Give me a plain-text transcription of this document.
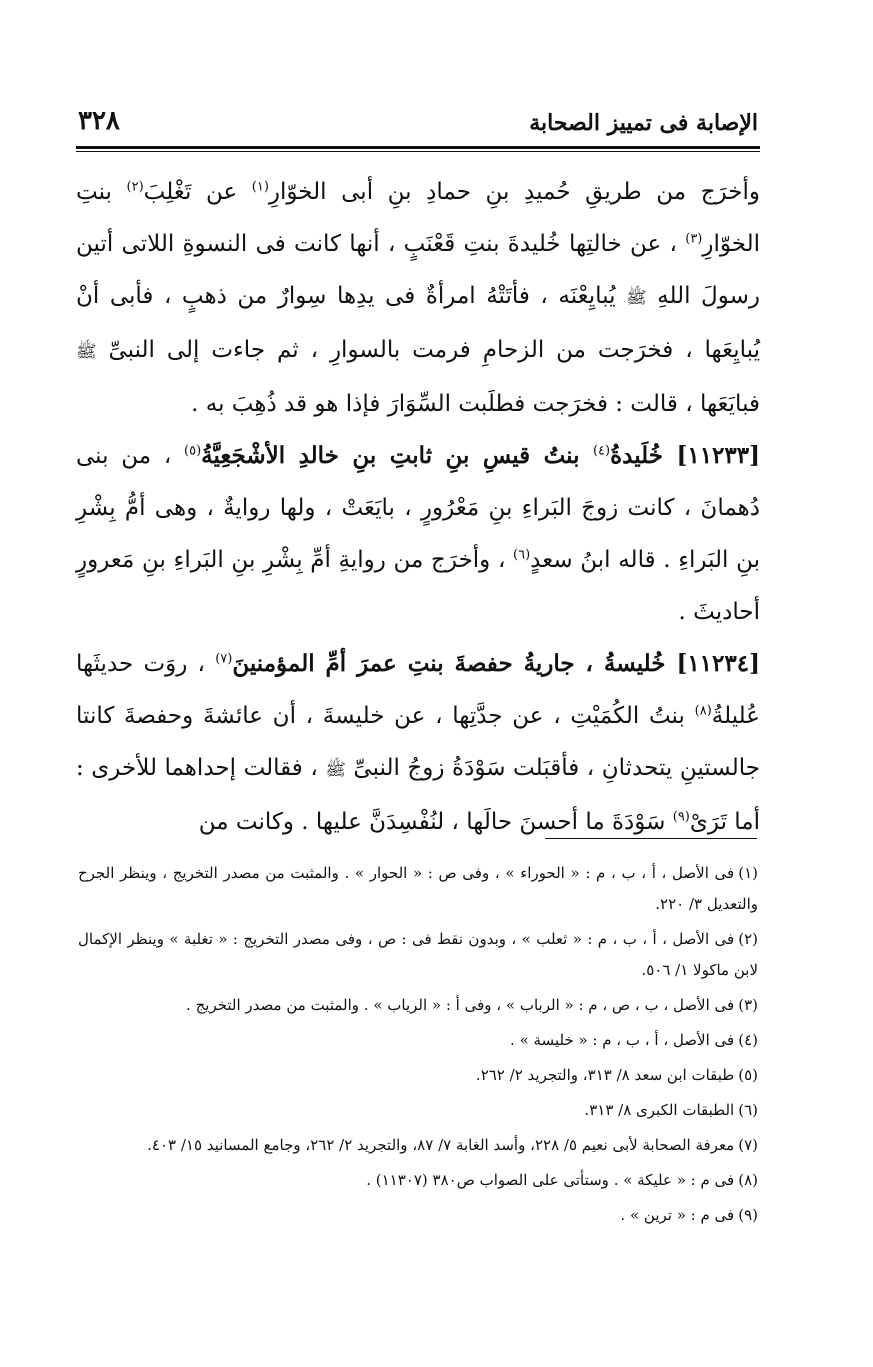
٣٢٨	الإصابة فى تمييز الصحابة

وأخرَج من طريقِ حُميدِ بنِ حمادِ بنِ أبى الخوّارِ$^{(١)}$ عن تَغْلِبَ$^{(٢)}$ بنتِ الخوّارِ$^{(٣)}$ ، عن خالتِها خُليدةَ بنتِ قَعْنَبٍ ، أنها كانت فى النسوةِ اللاتى أتين رسولَ اللهِ ﷺ يُبايِعْنَه ، فأتَتْهُ امرأةٌ فى يدِها سِوارٌ من ذهبٍ ، فأبى أنْ يُبايِعَها ، فخرَجت من الزحامِ فرمت بالسوارِ ، ثم جاءت إلى النبىِّ ﷺ فبايَعَها ، قالت : فخرَجت فطلَبت السِّوَارَ فإذا هو قد ذُهِبَ به .

[١١٢٣٣] خُلَيدةُ$^{(٤)}$ بنتُ قيسِ بنِ ثابتِ بنِ خالدِ الأشْجَعِيَّةُ$^{(٥)}$ ، من بنى دُهمانَ ، كانت زوجَ البَراءِ بنِ مَعْرُورٍ ، بايَعَتْ ، ولها روايةٌ ، وهى أمُّ بِشْرِ بنِ البَراءِ . قاله ابنُ سعدٍ$^{(٦)}$ ، وأخرَج من روايةِ أمِّ بِشْرِ بنِ البَراءِ بنِ مَعرورٍ أحاديثَ .

[١١٢٣٤] خُليسةُ ، جاريةُ حفصةَ بنتِ عمرَ أمِّ المؤمنينَ$^{(٧)}$ ، روَت حديثَها عُليلةُ$^{(٨)}$ بنتُ الكُمَيْتِ ، عن جدَّتِها ، عن خليسةَ ، أن عائشةَ وحفصةَ كانتا جالستينِ يتحدثانِ ، فأقبَلت سَوْدَةُ زوجُ النبىِّ ﷺ ، فقالت إحداهما للأخرى : أما تَرَىْ$^{(٩)}$ سَوْدَةَ ما أحسنَ حالَها ، لنُفْسِدَنَّ عليها . وكانت من

(١)فى الأصل ، أ ، ب ، م : « الحوراء » ، وفى ص : « الحوار » . والمثبت من مصدر التخريج ، وينظر الجرح والتعديل ٣/ ٢٢٠.

(٢)فى الأصل ، أ ، ب ، م : « ثعلب » ، وبدون نقط فى : ص ، وفى مصدر التخريج : « تغلبة » وينظر الإكمال لابن ماكولا ١/ ٥٠٦.

(٣)فى الأصل ، ب ، ص ، م : « الرباب » ، وفى أ : « الرياب » . والمثبت من مصدر التخريج .

(٤)فى الأصل ، أ ، ب ، م : « خليسة » .

(٥)طبقات ابن سعد ٨/ ٣١٣، والتجريد ٢/ ٢٦٢.

(٦)الطبقات الكبرى ٨/ ٣١٣.

(٧)معرفة الصحابة لأبى نعيم ٥/ ٢٢٨، وأسد الغابة ٧/ ٨٧، والتجريد ٢/ ٢٦٢، وجامع المسانيد ١٥/ ٤٠٣.

(٨)فى م : « عليكة » . وستأتى على الصواب ص٣٨٠ (١١٣٠٧) .

(٩)فى م : « ترين » .
